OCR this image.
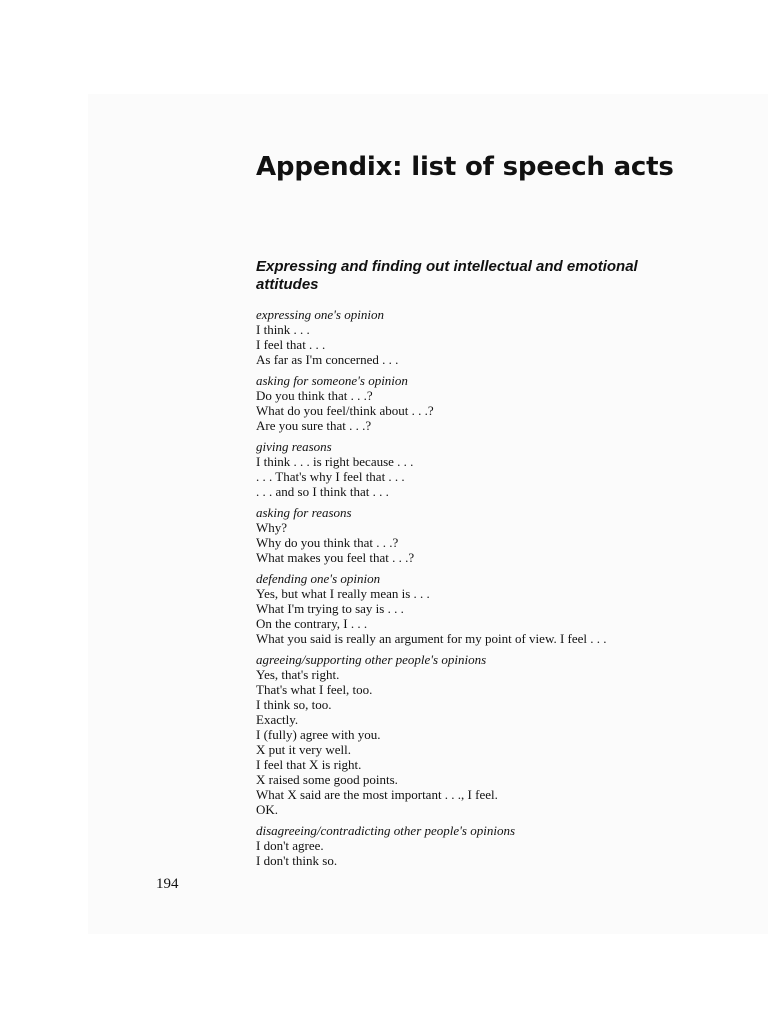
Appendix: list of speech acts
Expressing and finding out intellectual and emotional attitudes

expressing one's opinion

I think . . .

I feel that . . .

As far as I'm concerned . . .

asking for someone's opinion

Do you think that . . .?

What do you feel/think about . . .?

Are you sure that . . .?

giving reasons

I think . . . is right because . . .

. . . That's why I feel that . . .

. . . and so I think that . . .

asking for reasons

Why?

Why do you think that . . .?

What makes you feel that . . .?

defending one's opinion

Yes, but what I really mean is . . .

What I'm trying to say is . . .

On the contrary, I . . .

What you said is really an argument for my point of view. I feel . . .

agreeing/supporting other people's opinions

Yes, that's right.

That's what I feel, too.

I think so, too.

Exactly.

I (fully) agree with you.

X put it very well.

I feel that X is right.

X raised some good points.

What X said are the most important . . ., I feel.

OK.

disagreeing/contradicting other people's opinions

I don't agree.

I don't think so.

194
